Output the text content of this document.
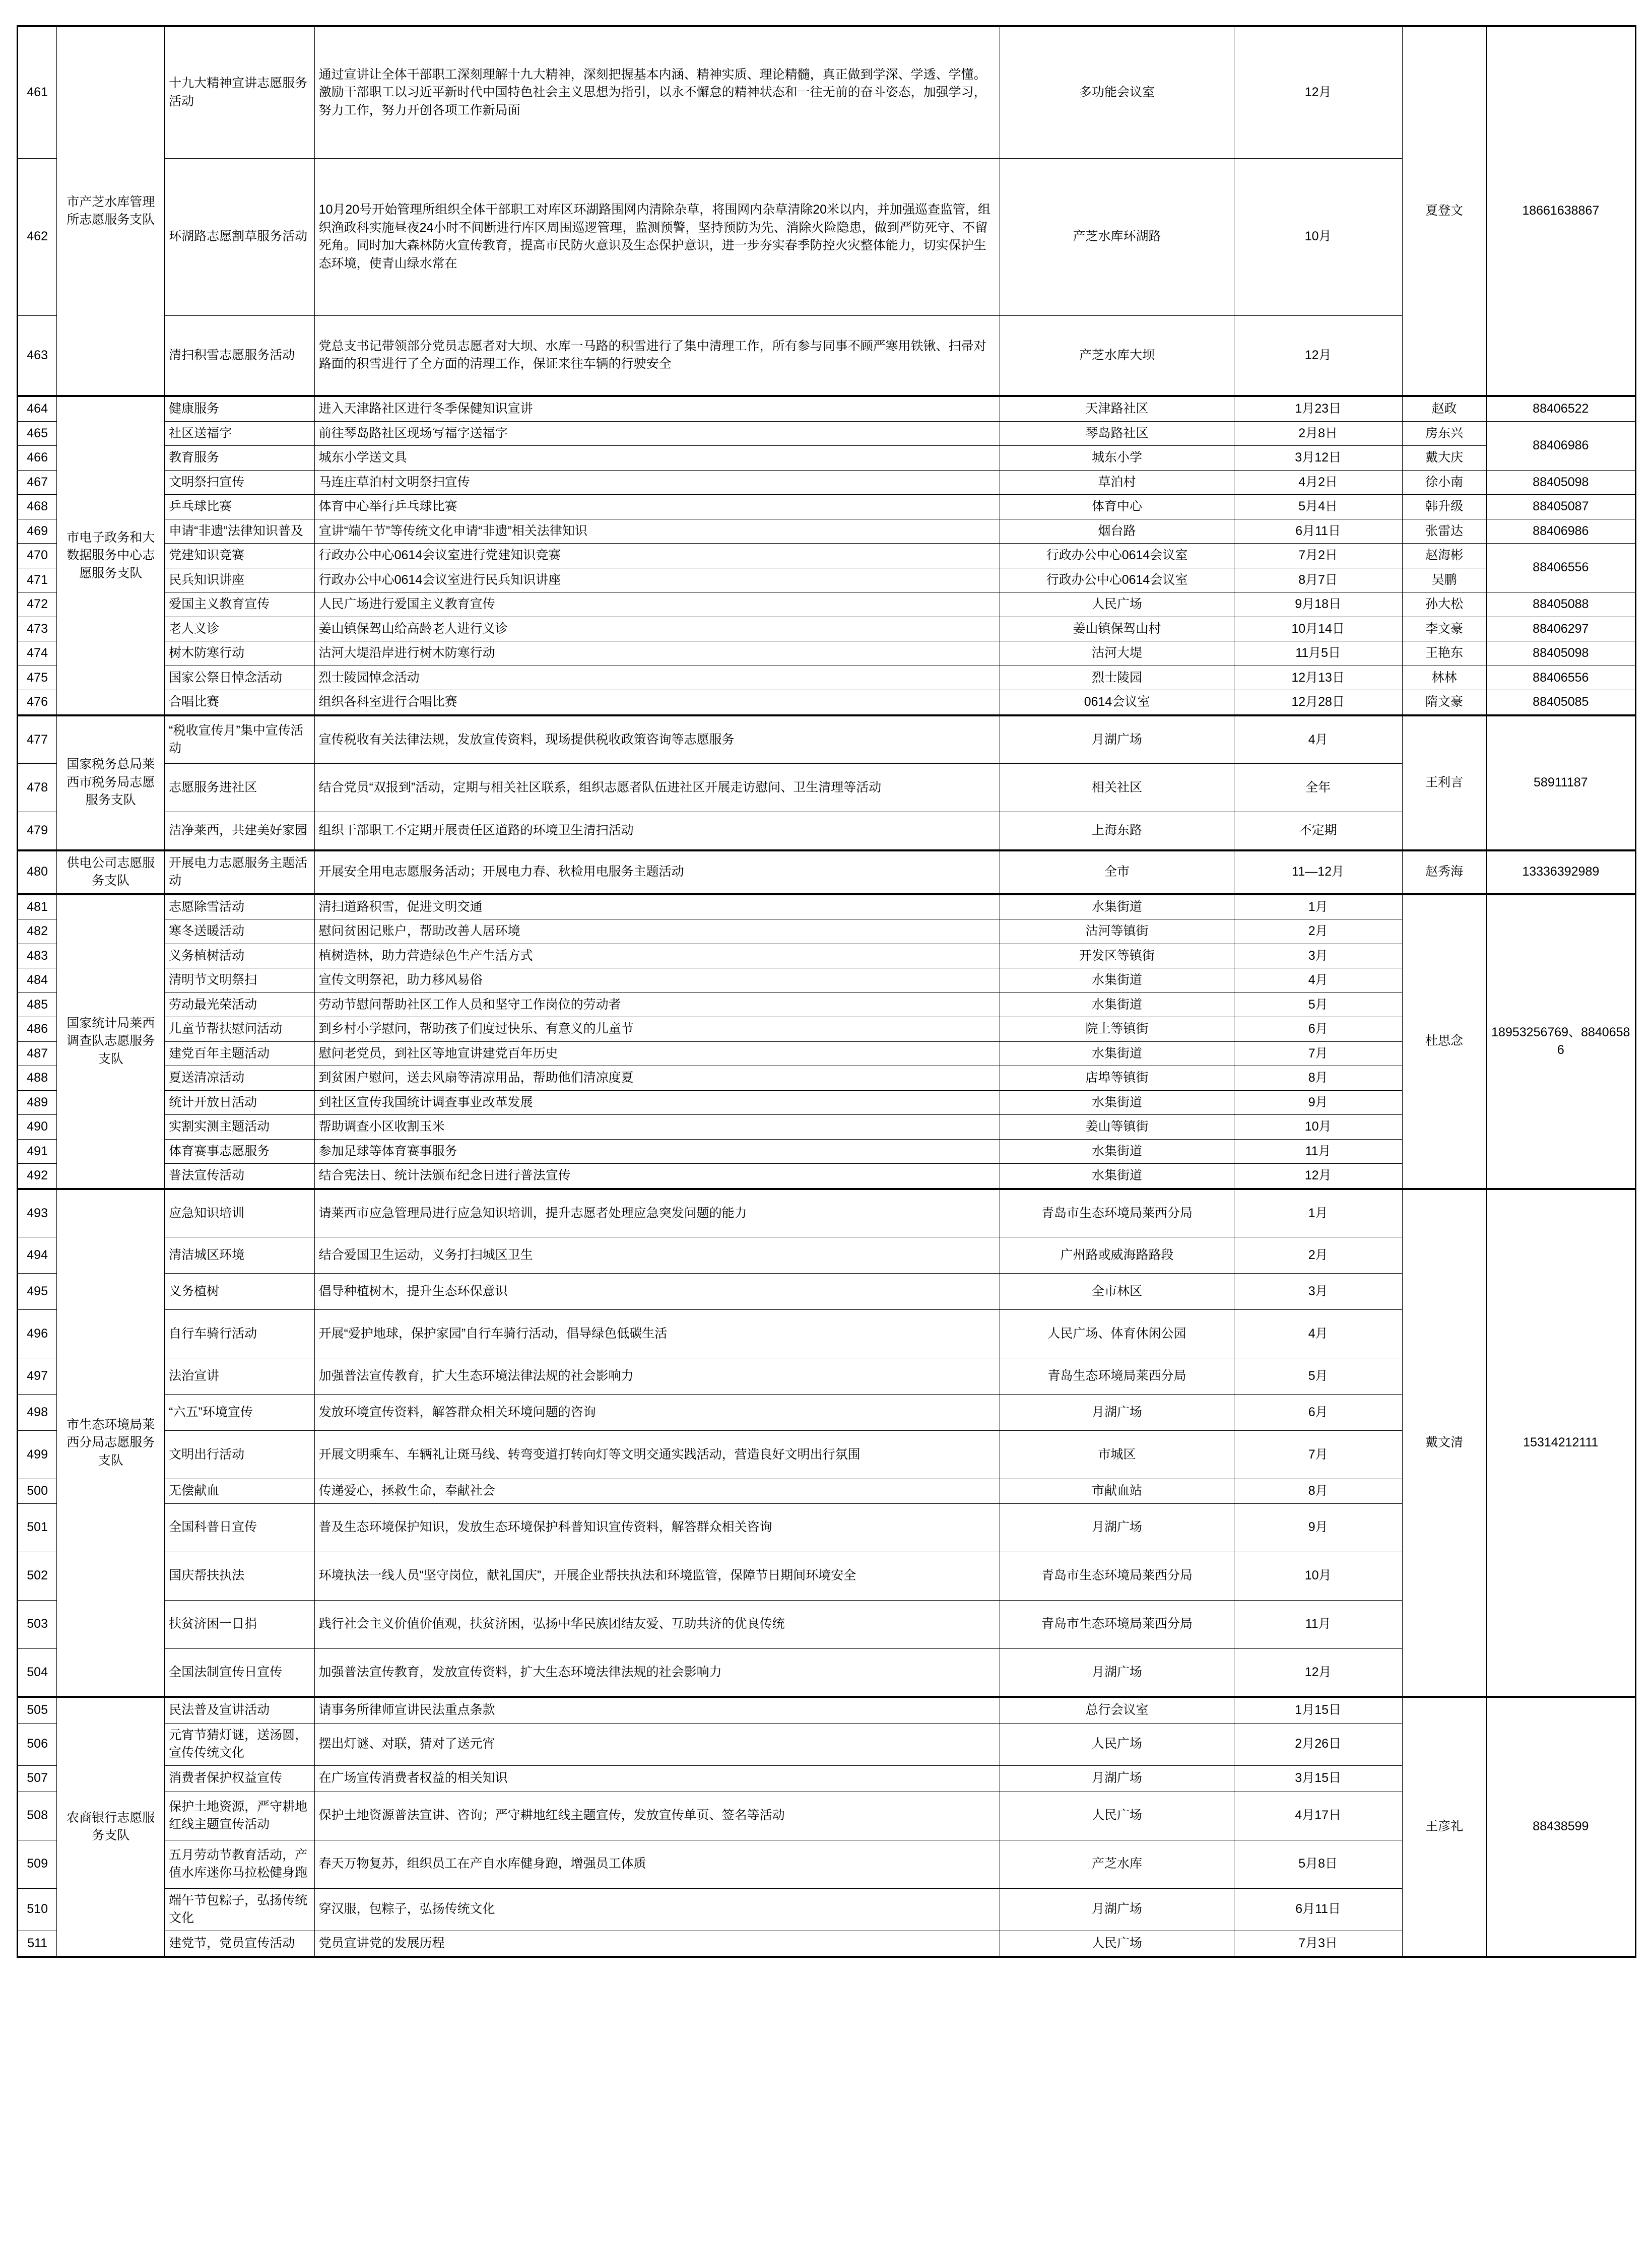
461	市产芝水库管理所志愿服务支队	十九大精神宣讲志愿服务活动	通过宣讲让全体干部职工深刻理解十九大精神，深刻把握基本内涵、精神实质、理论精髓，真正做到学深、学透、学懂。激励干部职工以习近平新时代中国特色社会主义思想为指引，以永不懈怠的精神状态和一往无前的奋斗姿态，加强学习，努力工作，努力开创各项工作新局面	多功能会议室	12月	夏登文	18661638867
462		环湖路志愿割草服务活动	10月20号开始管理所组织全体干部职工对库区环湖路围网内清除杂草，将围网内杂草清除20米以内，并加强巡查监管，组织渔政科实施昼夜24小时不间断进行库区周围巡逻管理，监测预警，坚持预防为先、消除火险隐患，做到严防死守、不留死角。同时加大森林防火宣传教育，提高市民防火意识及生态保护意识，进一步夯实春季防控火灾整体能力，切实保护生态环境，使青山绿水常在	产芝水库环湖路	10月		
463		清扫积雪志愿服务活动	党总支书记带领部分党员志愿者对大坝、水库一马路的积雪进行了集中清理工作，所有参与同事不顾严寒用铁锹、扫帚对路面的积雪进行了全方面的清理工作，保证来往车辆的行驶安全	产芝水库大坝	12月		
464	市电子政务和大数据服务中心志愿服务支队	健康服务	进入天津路社区进行冬季保健知识宣讲	天津路社区	1月23日	赵政	88406522
465		社区送福字	前往琴岛路社区现场写福字送福字	琴岛路社区	2月8日	房东兴	88406986
466		教育服务	城东小学送文具	城东小学	3月12日	戴大庆	
467		文明祭扫宣传	马连庄草泊村文明祭扫宣传	草泊村	4月2日	徐小南	88405098
468		乒乓球比赛	体育中心举行乒乓球比赛	体育中心	5月4日	韩升级	88405087
469		申请“非遗”法律知识普及	宣讲“端午节”等传统文化申请“非遗”相关法律知识	烟台路	6月11日	张雷达	88406986
470		党建知识竞赛	行政办公中心0614会议室进行党建知识竞赛	行政办公中心0614会议室	7月2日	赵海彬	88406556
471		民兵知识讲座	行政办公中心0614会议室进行民兵知识讲座	行政办公中心0614会议室	8月7日	吴鹏	
472		爱国主义教育宣传	人民广场进行爱国主义教育宣传	人民广场	9月18日	孙大松	88405088
473		老人义诊	姜山镇保驾山给高龄老人进行义诊	姜山镇保驾山村	10月14日	李文豪	88406297
474		树木防寒行动	沽河大堤沿岸进行树木防寒行动	沽河大堤	11月5日	王艳东	88405098
475		国家公祭日悼念活动	烈士陵园悼念活动	烈士陵园	12月13日	林林	88406556
476		合唱比赛	组织各科室进行合唱比赛	0614会议室	12月28日	隋文豪	88405085
477	国家税务总局莱西市税务局志愿服务支队	“税收宣传月”集中宣传活动	宣传税收有关法律法规，发放宣传资料，现场提供税收政策咨询等志愿服务	月湖广场	4月	王利言	58911187
478		志愿服务进社区	结合党员“双报到”活动，定期与相关社区联系，组织志愿者队伍进社区开展走访慰问、卫生清理等活动	相关社区	全年		
479		洁净莱西，共建美好家园	组织干部职工不定期开展责任区道路的环境卫生清扫活动	上海东路	不定期		
480	供电公司志愿服务支队	开展电力志愿服务主题活动	开展安全用电志愿服务活动；开展电力春、秋检用电服务主题活动	全市	11—12月	赵秀海	13336392989
481	国家统计局莱西调查队志愿服务支队	志愿除雪活动	清扫道路积雪，促进文明交通	水集街道	1月	杜思念	18953256769、88406586
482		寒冬送暖活动	慰问贫困记账户，帮助改善人居环境	沽河等镇街	2月		
483		义务植树活动	植树造林，助力营造绿色生产生活方式	开发区等镇街	3月		
484		清明节文明祭扫	宣传文明祭祀，助力移风易俗	水集街道	4月		
485		劳动最光荣活动	劳动节慰问帮助社区工作人员和坚守工作岗位的劳动者	水集街道	5月		
486		儿童节帮扶慰问活动	到乡村小学慰问，帮助孩子们度过快乐、有意义的儿童节	院上等镇街	6月		
487		建党百年主题活动	慰问老党员，到社区等地宣讲建党百年历史	水集街道	7月		
488		夏送清凉活动	到贫困户慰问，送去风扇等清凉用品，帮助他们清凉度夏	店埠等镇街	8月		
489		统计开放日活动	到社区宣传我国统计调查事业改革发展	水集街道	9月		
490		实割实测主题活动	帮助调查小区收割玉米	姜山等镇街	10月		
491		体育赛事志愿服务	参加足球等体育赛事服务	水集街道	11月		
492		普法宣传活动	结合宪法日、统计法颁布纪念日进行普法宣传	水集街道	12月		
493	市生态环境局莱西分局志愿服务支队	应急知识培训	请莱西市应急管理局进行应急知识培训，提升志愿者处理应急突发问题的能力	青岛市生态环境局莱西分局	1月	戴文清	15314212111
494		清洁城区环境	结合爱国卫生运动，义务打扫城区卫生	广州路或威海路路段	2月		
495		义务植树	倡导种植树木，提升生态环保意识	全市林区	3月		
496		自行车骑行活动	开展“爱护地球，保护家园”自行车骑行活动，倡导绿色低碳生活	人民广场、体育休闲公园	4月		
497		法治宣讲	加强普法宣传教育，扩大生态环境法律法规的社会影响力	青岛生态环境局莱西分局	5月		
498		“六五”环境宣传	发放环境宣传资料，解答群众相关环境问题的咨询	月湖广场	6月		
499		文明出行活动	开展文明乘车、车辆礼让斑马线、转弯变道打转向灯等文明交通实践活动，营造良好文明出行氛围	市城区	7月		
500		无偿献血	传递爱心，拯救生命，奉献社会	市献血站	8月		
501		全国科普日宣传	普及生态环境保护知识，发放生态环境保护科普知识宣传资料，解答群众相关咨询	月湖广场	9月		
502		国庆帮扶执法	环境执法一线人员“坚守岗位，献礼国庆”，开展企业帮扶执法和环境监管，保障节日期间环境安全	青岛市生态环境局莱西分局	10月		
503		扶贫济困一日捐	践行社会主义价值价值观，扶贫济困，弘扬中华民族团结友爱、互助共济的优良传统	青岛市生态环境局莱西分局	11月		
504		全国法制宣传日宣传	加强普法宣传教育，发放宣传资料，扩大生态环境法律法规的社会影响力	月湖广场	12月		
505	农商银行志愿服务支队	民法普及宣讲活动	请事务所律师宣讲民法重点条款	总行会议室	1月15日	王彦礼	88438599
506		元宵节猜灯谜，送汤圆，宣传传统文化	摆出灯谜、对联，猜对了送元宵	人民广场	2月26日		
507		消费者保护权益宣传	在广场宣传消费者权益的相关知识	月湖广场	3月15日		
508		保护土地资源，严守耕地红线主题宣传活动	保护土地资源普法宣讲、咨询；严守耕地红线主题宣传，发放宣传单页、签名等活动	人民广场	4月17日		
509		五月劳动节教育活动，产值水库迷你马拉松健身跑	春天万物复苏，组织员工在产自水库健身跑，增强员工体质	产芝水库	5月8日		
510		端午节包粽子，弘扬传统文化	穿汉服，包粽子，弘扬传统文化	月湖广场	6月11日		
511		建党节，党员宣传活动	党员宣讲党的发展历程	人民广场	7月3日		
